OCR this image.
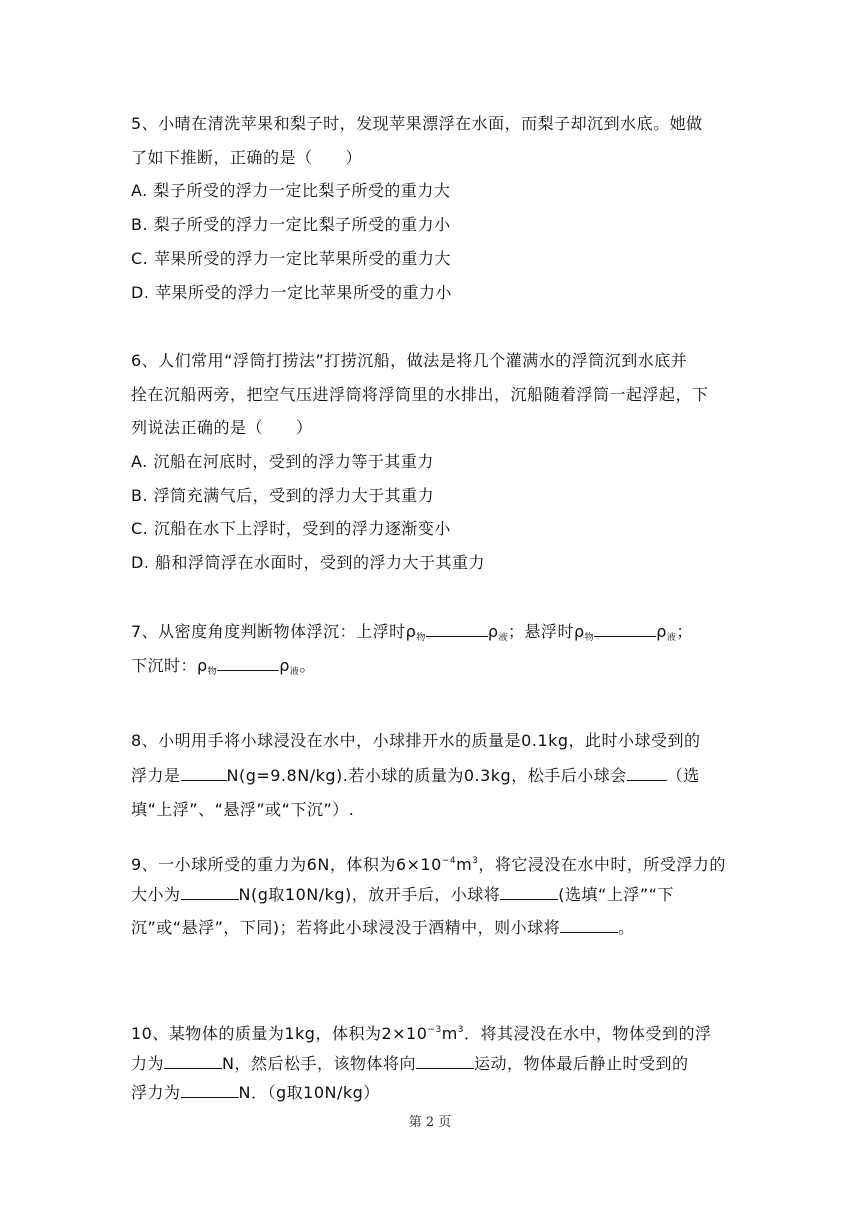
5、小晴在清洗苹果和梨子时，发现苹果漂浮在水面，而梨子却沉到水底。她做
了如下推断，正确的是（　　）
A. 梨子所受的浮力一定比梨子所受的重力大
B. 梨子所受的浮力一定比梨子所受的重力小
C. 苹果所受的浮力一定比苹果所受的重力大
D. 苹果所受的浮力一定比苹果所受的重力小
6、人们常用“浮筒打捞法”打捞沉船，做法是将几个灌满水的浮筒沉到水底并
拴在沉船两旁，把空气压进浮筒将浮筒里的水排出，沉船随着浮筒一起浮起，下
列说法正确的是（　　）
A. 沉船在河底时，受到的浮力等于其重力
B. 浮筒充满气后，受到的浮力大于其重力
C. 沉船在水下上浮时，受到的浮力逐渐变小
D. 船和浮筒浮在水面时，受到的浮力大于其重力
7、从密度角度判断物体浮沉：上浮时$\rho_物$	$\rho_液$；悬浮时$\rho_物$	$\rho_液$；
下沉时：$\rho_物$	$\rho_液$。
8、小明用手将小球浸没在水中，小球排开水的质量是0.1kg，此时小球受到的
浮力是	N(g=9.8N/kg).若小球的质量为0.3kg，松手后小球会	（选
填“上浮”、“悬浮”或“下沉”）.
9、一小球所受的重力为6N，体积为$6\times 10^{-4}m^3$，将它浸没在水中时，所受浮力的
大小为	N(g取10N/kg)，放开手后，小球将	(选填“上浮”“下
沉”或“悬浮”，下同)；若将此小球浸没于酒精中，则小球将	。
10、某物体的质量为1kg，体积为$2\times 10^{-3}m^3$．将其浸没在水中，物体受到的浮
力为	N，然后松手，该物体将向	运动，物体最后静止时受到的
浮力为	N．（g取10N/kg）
第 2 页
